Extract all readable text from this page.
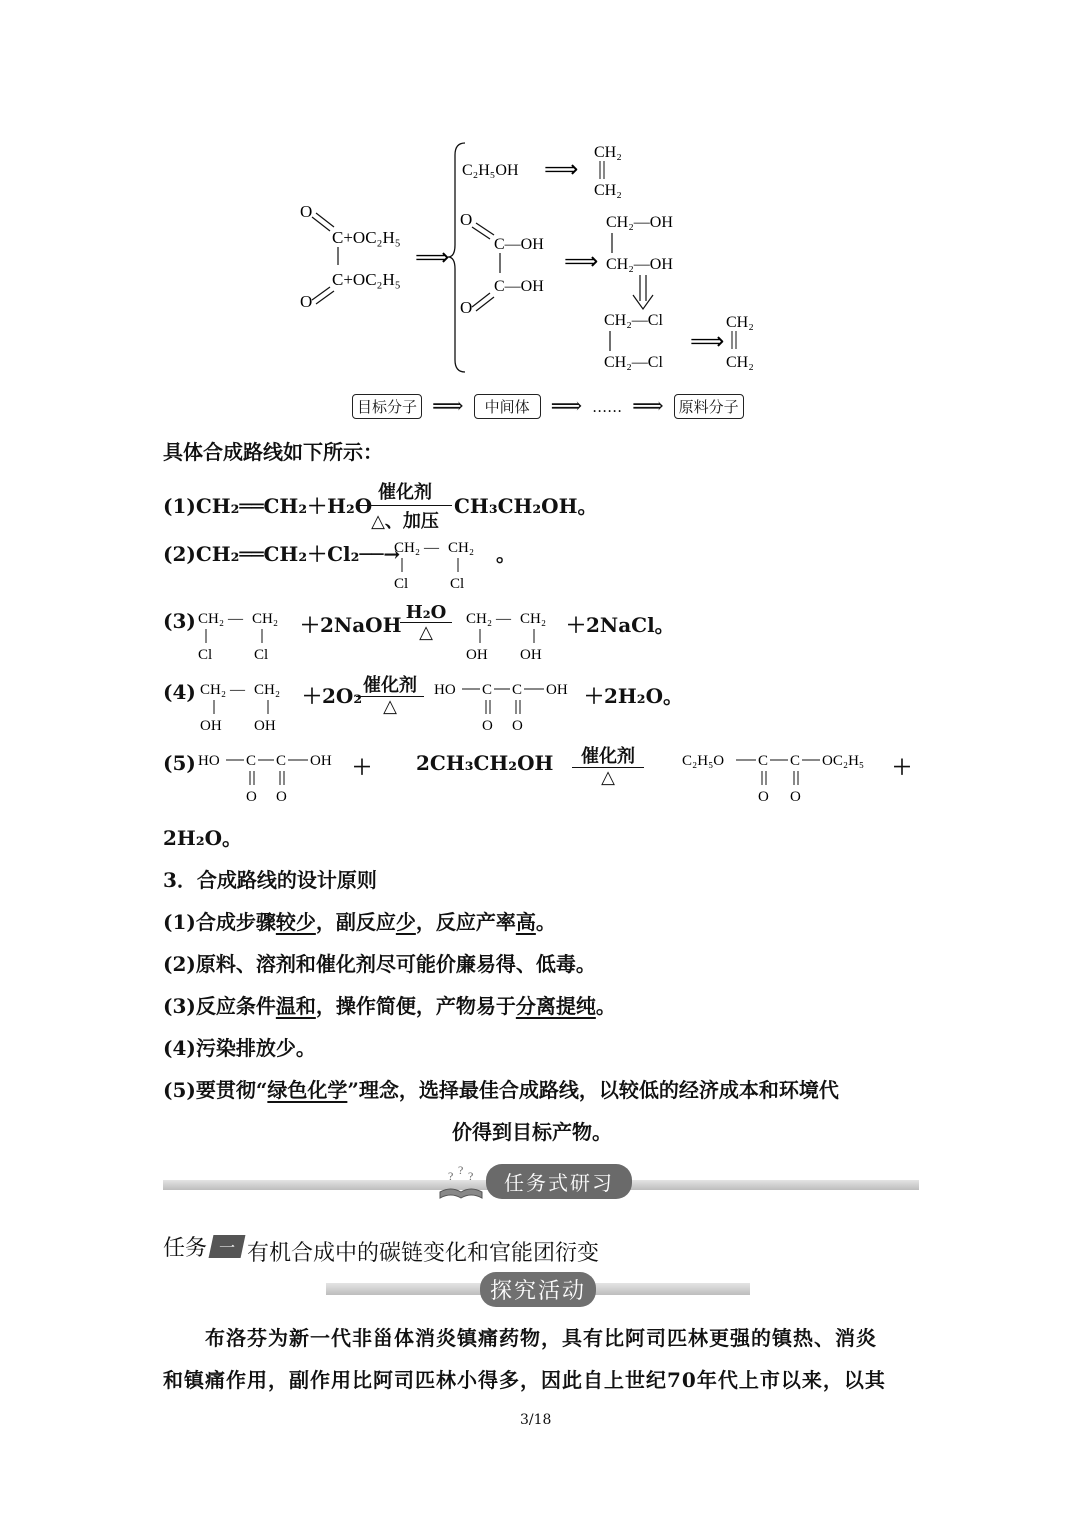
O
C+OC₂H₅
C+OC₂H₅
O
⟹
C₂H₅OH ⟹
CH₂
CH₂
O
C—OH
C—OH
O
⟹
CH₂—OH
CH₂—OH
CH₂—Cl
CH₂—Cl
⟹
CH₂
CH₂
目标分子 ⟹	中间体 ⟹ …… ⟹	原料分子
具体合成路线如下所示：
(1)CH₂══CH₂＋H₂O
催化剂
△、加压
CH₃CH₂OH。
(2)CH₂══CH₂＋Cl₂──→
CH₂ — CH₂
Cl	Cl
。
(3) CH₂ — CH₂
Cl	Cl
＋2NaOH
H₂O
△
CH₂ — CH₂
OH OH
＋2NaCl。
(4) CH₂ — CH₂
OH OH
＋2O₂ 催化剂
△
HO C C OH
O O
＋2H₂O。
(5) HO C C OH
O O
＋ 2CH₃CH₂OH	催化剂
△
C₂H₅O C C OC₂H₅
O O
＋
2H₂O。
3．合成路线的设计原则
(1)合成步骤较少，副反应少，反应产率高。
(2)原料、溶剂和催化剂尽可能价廉易得、低毒。
(3)反应条件温和，操作简便，产物易于分离提纯。
(4)污染排放少。
(5)要贯彻“绿色化学”理念，选择最佳合成路线，以较低的经济成本和环境代
价得到目标产物。
? ? ?	任务式研习
任务 一 有机合成中的碳链变化和官能团衍变
探究活动
布洛芬为新一代非甾体消炎镇痛药物，具有比阿司匹林更强的镇热、消炎
和镇痛作用，副作用比阿司匹林小得多，因此自上世纪70年代上市以来，以其
3/18
